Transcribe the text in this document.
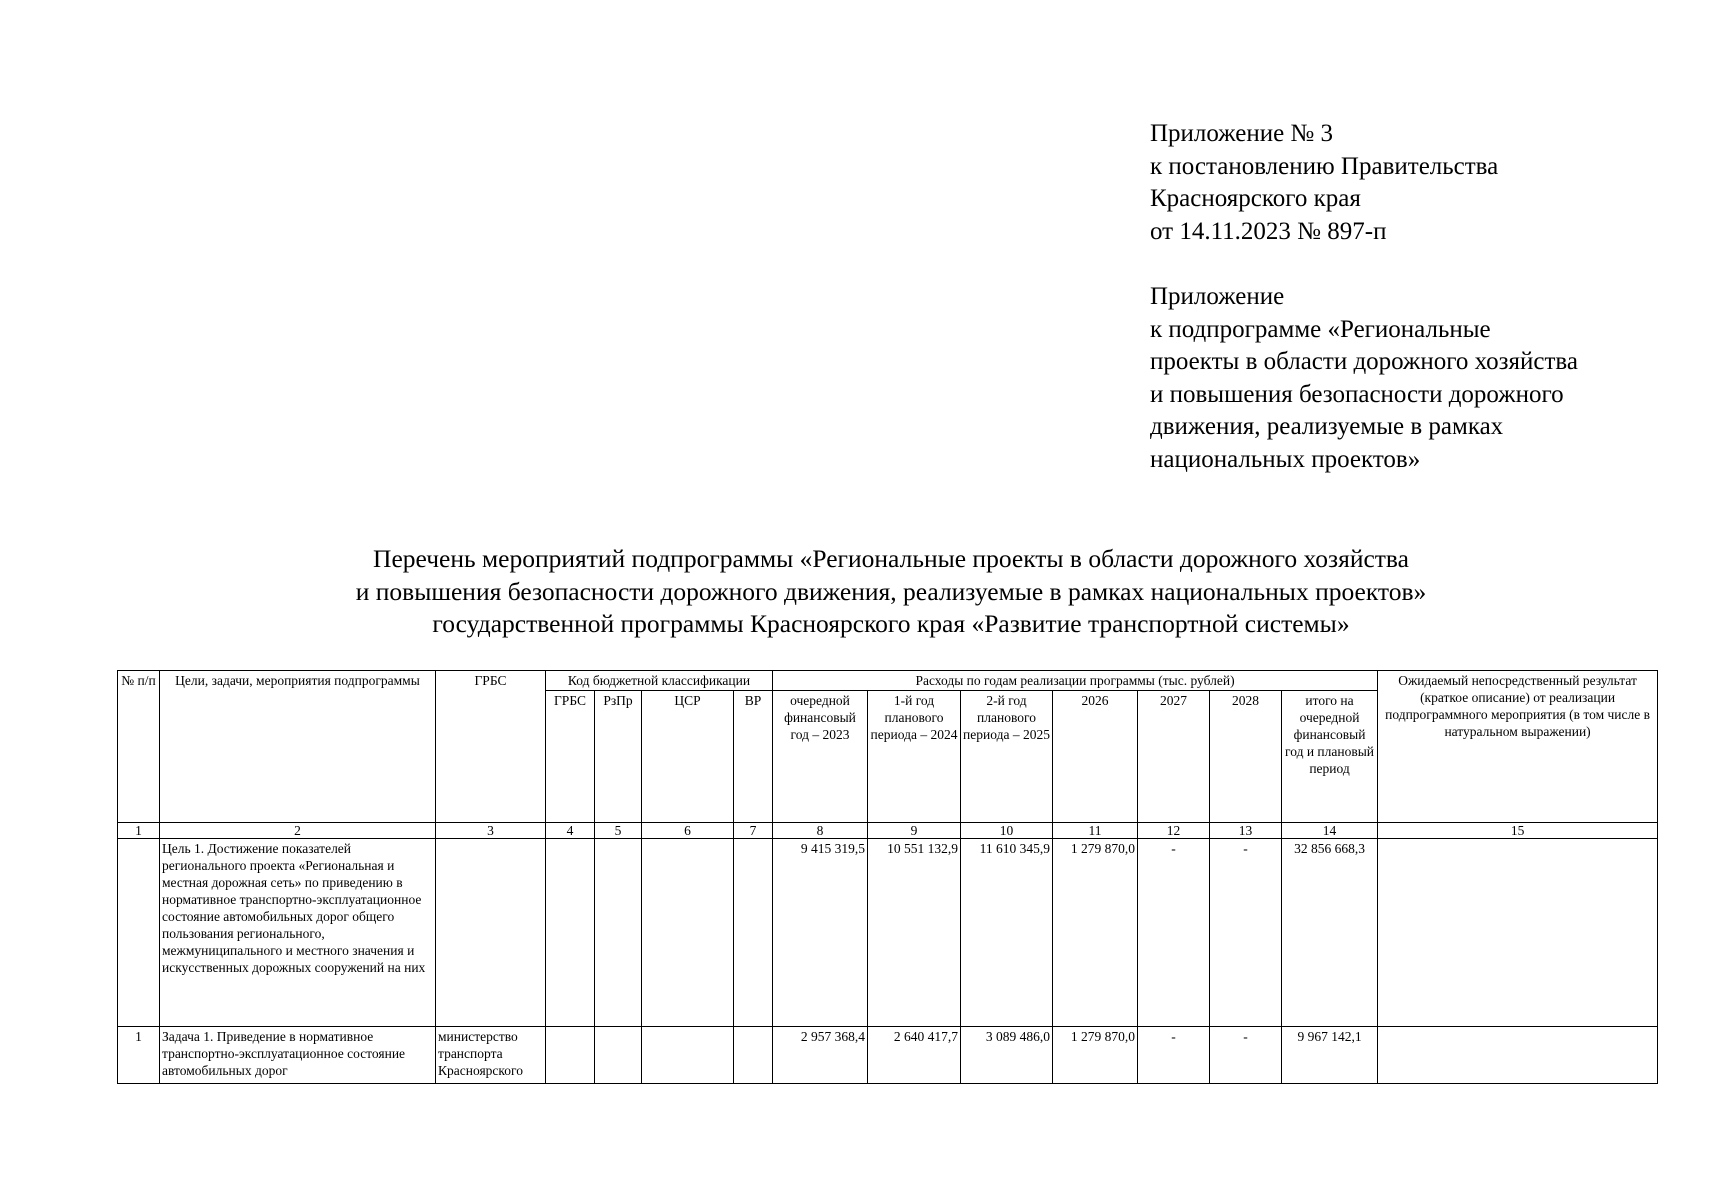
Приложение № 3
к постановлению Правительства
Красноярского края
от 14.11.2023 № 897-п
Приложение
к подпрограмме «Региональные
проекты в области дорожного хозяйства
и повышения безопасности дорожного
движения, реализуемые в рамках
национальных проектов»
Перечень мероприятий подпрограммы «Региональные проекты в области дорожного хозяйства
и повышения безопасности дорожного движения, реализуемые в рамках национальных проектов»
государственной программы Красноярского края «Развитие транспортной системы»
№ п/п	Цели, задачи, мероприятия подпрограммы	ГРБС	Код бюджетной классификации				Расходы по годам реализации программы (тыс. рублей)							Ожидаемый непосредственный результат (краткое описание) от реализации подпрограммного мероприятия (в том числе в натуральном выражении)
			ГРБС	РзПр	ЦСР	ВР	очередной финансовый год – 2023	1-й год планового периода – 2024	2-й год планового периода – 2025	2026	2027	2028	итого на очередной финансовый год и плановый период	
1	2	3	4	5	6	7	8	9	10	11	12	13	14	15
	Цель 1. Достижение показателей регионального проекта «Региональная и местная дорожная сеть» по приведению в нормативное транспортно-эксплуатационное состояние автомобильных дорог общего пользования регионального, межмуниципального и местного значения и искусственных дорожных сооружений на них						9 415 319,5	10 551 132,9	11 610 345,9	1 279 870,0	-	-	32 856 668,3	
1	Задача 1. Приведение в нормативное транспортно-эксплуатационное состояние автомобильных дорог	министерство транспорта Красноярского					2 957 368,4	2 640 417,7	3 089 486,0	1 279 870,0	-	-	9 967 142,1	
